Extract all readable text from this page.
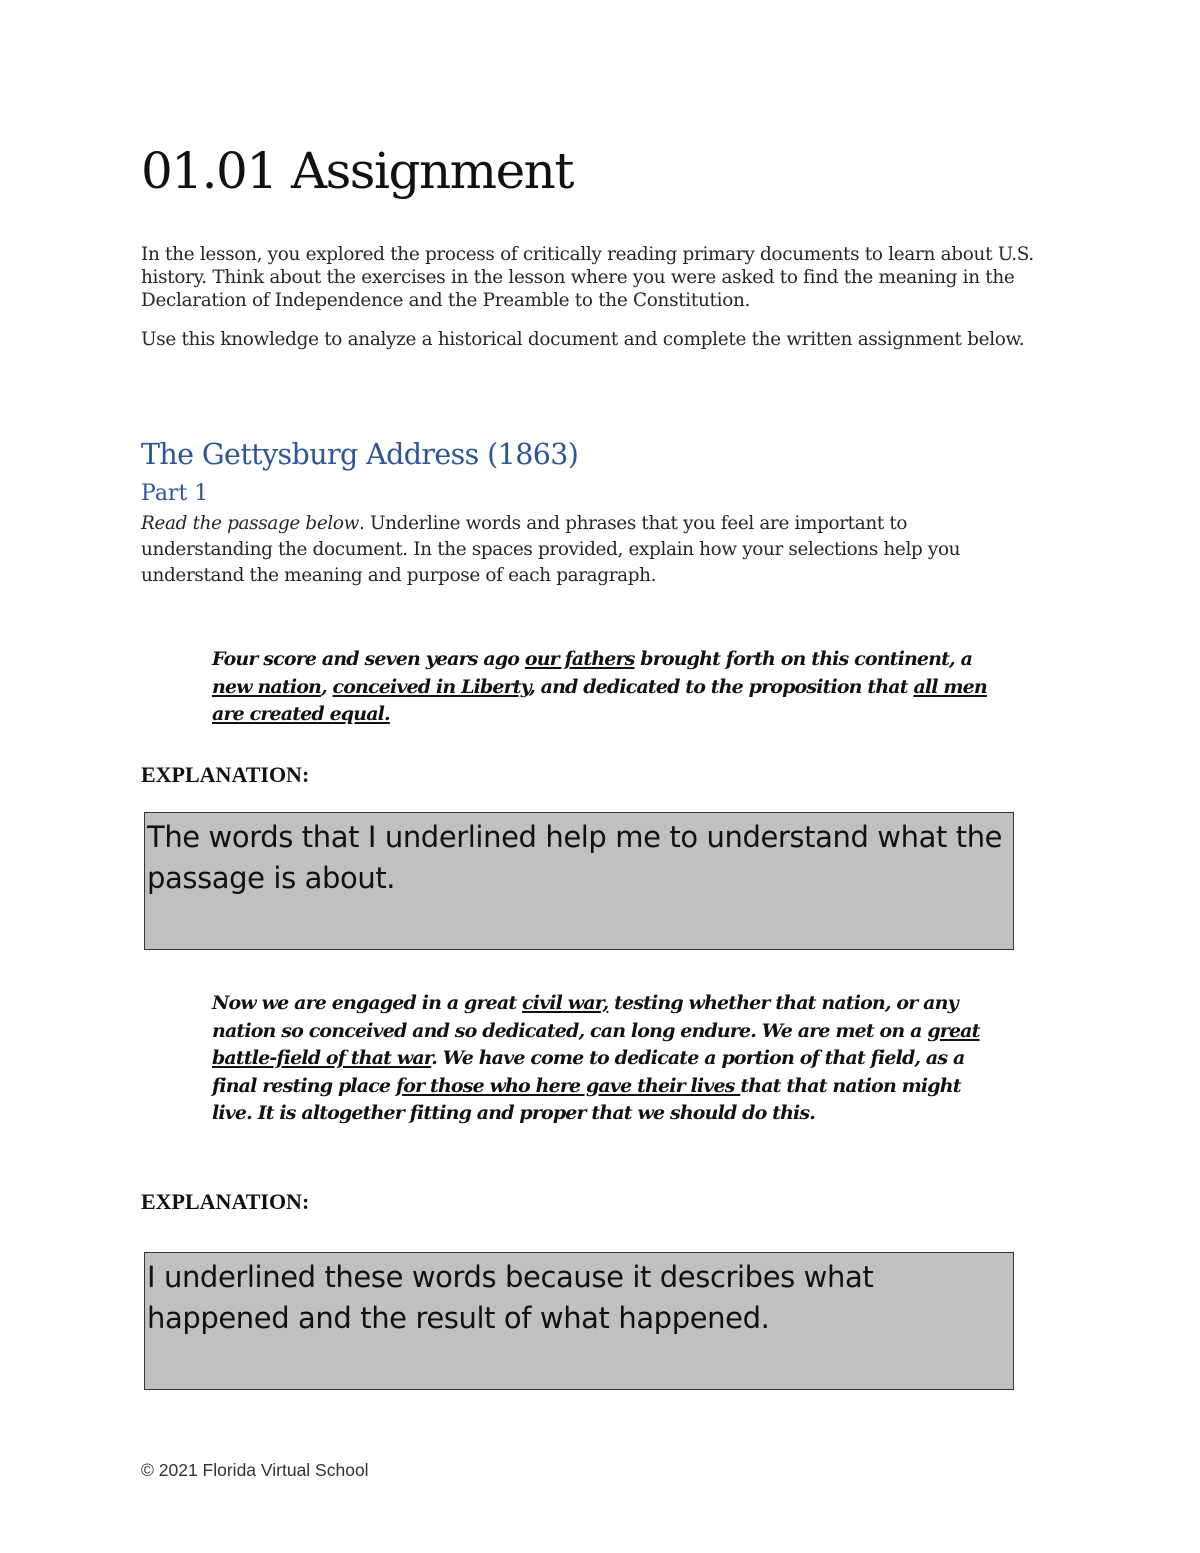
01.01 Assignment

In the lesson, you explored the process of critically reading primary documents to learn about U.S. history. Think about the exercises in the lesson where you were asked to find the meaning in the Declaration of Independence and the Preamble to the Constitution.

Use this knowledge to analyze a historical document and complete the written assignment below.

The Gettysburg Address (1863)
Part 1

Read the passage below. Underline words and phrases that you feel are important to understanding the document. In the spaces provided, explain how your selections help you understand the meaning and purpose of each paragraph.

Four score and seven years ago our fathers brought forth on this continent, a new nation, conceived in Liberty, and dedicated to the proposition that all men are created equal.

EXPLANATION:

The words that I underlined help me to understand what the passage is about.

Now we are engaged in a great civil war, testing whether that nation, or any nation so conceived and so dedicated, can long endure. We are met on a great battle-field of that war. We have come to dedicate a portion of that field, as a final resting place for those who here gave their lives that that nation might live. It is altogether fitting and proper that we should do this.

EXPLANATION:

I underlined these words because it describes what happened and the result of what happened.

© 2021 Florida Virtual School
